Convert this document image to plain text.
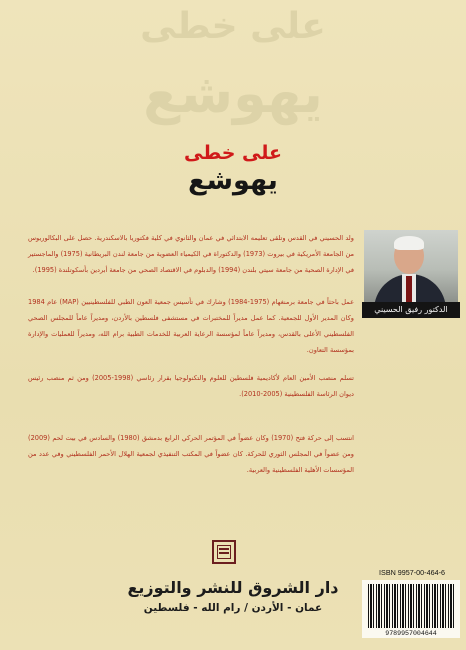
على خطى
يهوشع
على خطى
يهوشع
الدكتور رفيق الحسيني
ولد الحسيني في القدس وتلقى تعليمه الابتدائي في عمان والثانوي في كلية فكتوريا بالاسكندرية. حصل على البكالوريوس من الجامعة الأمريكية في بيروت (1973) والدكتوراة في الكيمياء العضوية من جامعة لندن البريطانية (1975) والماجستير في الإدارة الصحية من جامعة سيتي بلندن (1994) والدبلوم في الاقتصاد الصحي من جامعة أبردين بأسكوتلندة (1995).
عمل باحثاً في جامعة برمنغهام (1975-1984) وشارك في تأسيس جمعية العون الطبي للفلسطينيين (MAP) عام 1984 وكان المدير الأول للجمعية. كما عمل مديراً للمختبرات في مستشفى فلسطين بالأردن، ومديراً عاماً للمجلس الصحي الفلسطيني الأعلى بالقدس، ومديراً عاماً لمؤسسة الرعاية العربية للخدمات الطبية برام الله، ومديراً للعمليات والإدارة بمؤسسة التعاون.
تسلم منصب الأمين العام لأكاديمية فلسطين للعلوم والتكنولوجيا بقرار رئاسي (1998-2005) ومن ثم منصب رئيس ديوان الرئاسة الفلسطينية (2005-2010).
انتسب إلى حركة فتح (1970) وكان عضواً في المؤتمر الحركي الرابع بدمشق (1980) والسادس في بيت لحم (2009) ومن عضواً في المجلس الثوري للحركة. كان عضواً في المكتب التنفيذي لجمعية الهلال الأحمر الفلسطيني وفي عدد من المؤسسات الأهلية الفلسطينية والعربية.
دار الشروق للنشر والتوزيع
عمان - الأردن / رام الله - فلسطين
ISBN 9957-00-464-6
9789957004644
